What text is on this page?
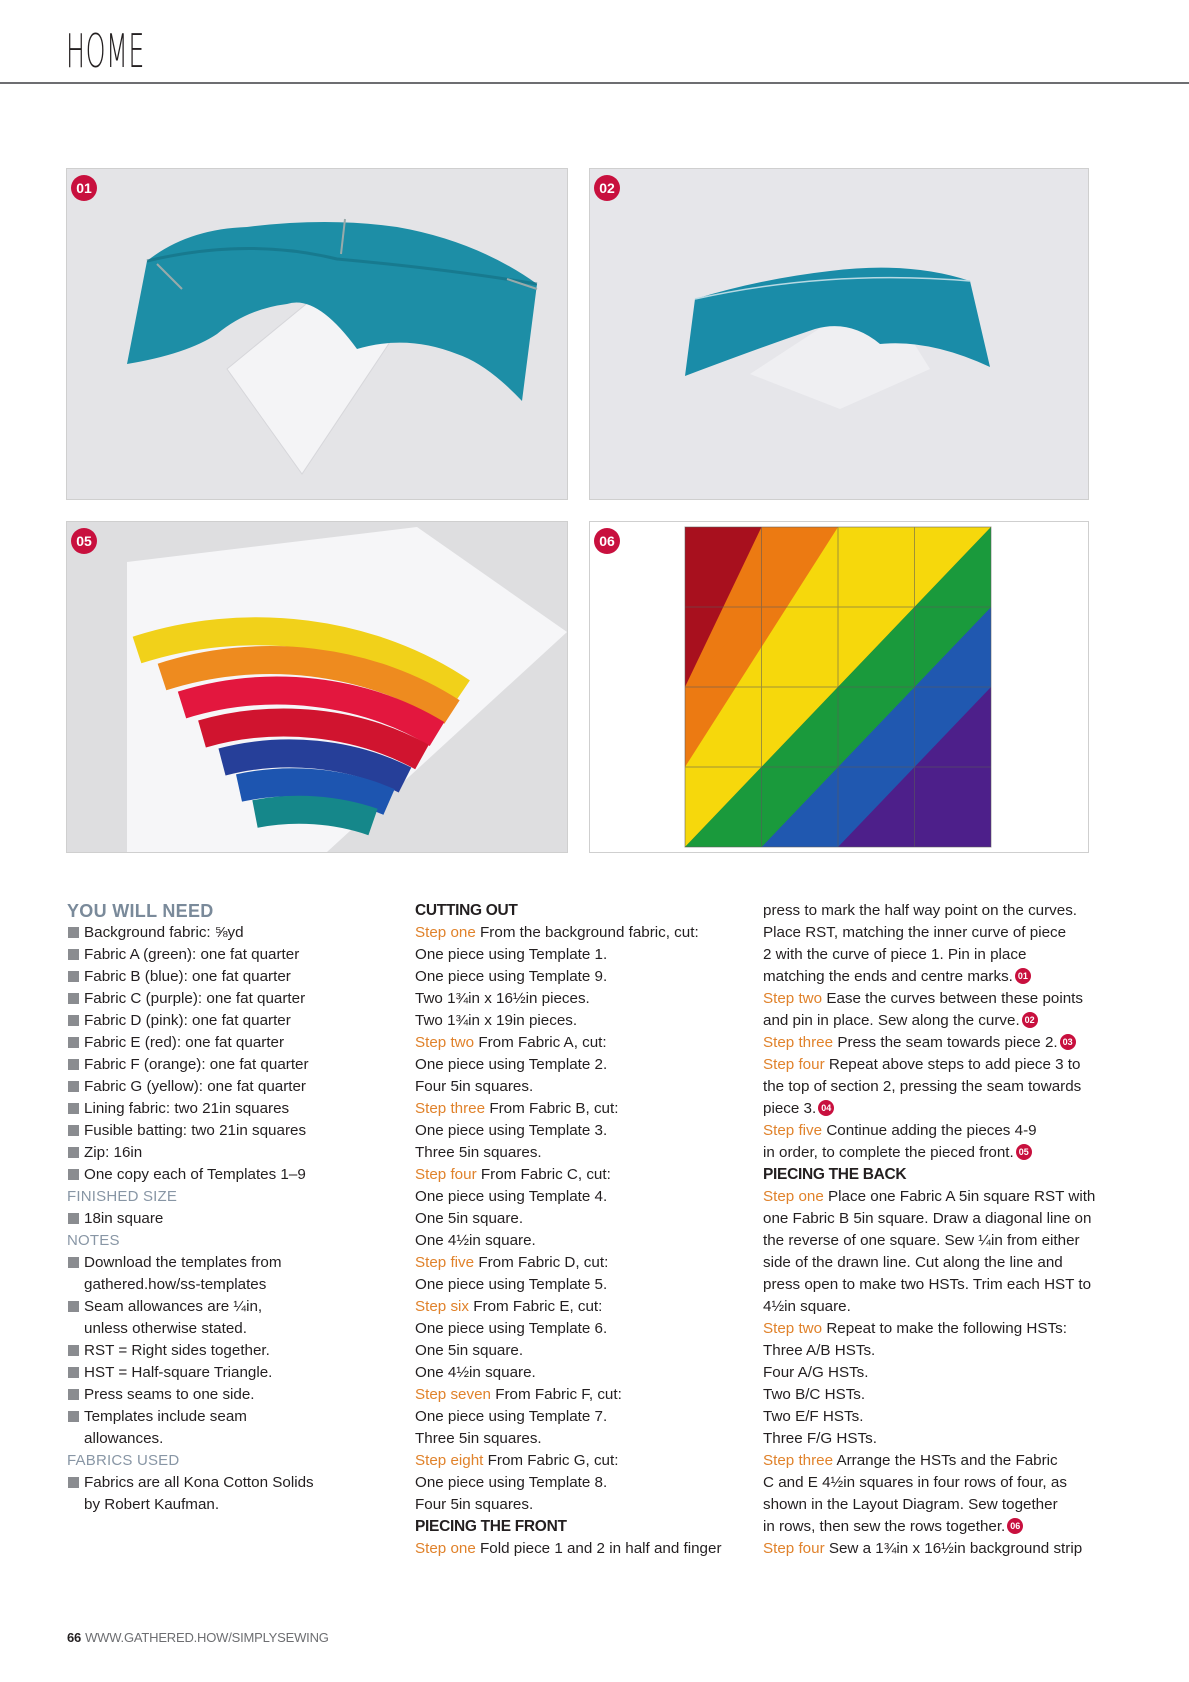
HOME
01	02
05	06

YOU WILL NEED

Background fabric: ⅝yd
Fabric A (green): one fat quarter
Fabric B (blue): one fat quarter
Fabric C (purple): one fat quarter
Fabric D (pink): one fat quarter
Fabric E (red): one fat quarter
Fabric F (orange): one fat quarter
Fabric G (yellow): one fat quarter
Lining fabric: two 21in squares
Fusible batting: two 21in squares
Zip: 16in
One copy each of Templates 1–9

FINISHED SIZE

18in square

NOTES

Download the templates from gathered.how/ss-templates
Seam allowances are ¼in, unless otherwise stated.
RST = Right sides together.
HST = Half-square Triangle.
Press seams to one side.
Templates include seam allowances.

FABRICS USED

Fabrics are all Kona Cotton Solids by Robert Kaufman.

CUTTING OUT

Step one From the background fabric, cut:

One piece using Template 1.

One piece using Template 9.

Two 1¾in x 16½in pieces.

Two 1¾in x 19in pieces.

Step two From Fabric A, cut:

One piece using Template 2.

Four 5in squares.

Step three From Fabric B, cut:

One piece using Template 3.

Three 5in squares.

Step four From Fabric C, cut:

One piece using Template 4.

One 5in square.

One 4½in square.

Step five From Fabric D, cut:

One piece using Template 5.

Step six From Fabric E, cut:

One piece using Template 6.

One 5in square.

One 4½in square.

Step seven From Fabric F, cut:

One piece using Template 7.

Three 5in squares.

Step eight From Fabric G, cut:

One piece using Template 8.

Four 5in squares.

PIECING THE FRONT

Step one Fold piece 1 and 2 in half and finger

press to mark the half way point on the curves.

Place RST, matching the inner curve of piece

2 with the curve of piece 1. Pin in place

matching the ends and centre marks. 01

Step two Ease the curves between these points

and pin in place. Sew along the curve. 02

Step three Press the seam towards piece 2. 03

Step four Repeat above steps to add piece 3 to

the top of section 2, pressing the seam towards

piece 3. 04

Step five Continue adding the pieces 4-9

in order, to complete the pieced front. 05

PIECING THE BACK

Step one Place one Fabric A 5in square RST with

one Fabric B 5in square. Draw a diagonal line on

the reverse of one square. Sew ¼in from either

side of the drawn line. Cut along the line and

press open to make two HSTs. Trim each HST to

4½in square.

Step two Repeat to make the following HSTs:

Three A/B HSTs.

Four A/G HSTs.

Two B/C HSTs.

Two E/F HSTs.

Three F/G HSTs.

Step three Arrange the HSTs and the Fabric

C and E 4½in squares in four rows of four, as

shown in the Layout Diagram. Sew together

in rows, then sew the rows together. 06

Step four Sew a 1¾in x 16½in background strip

66 WWW.GATHERED.HOW/SIMPLYSEWING
